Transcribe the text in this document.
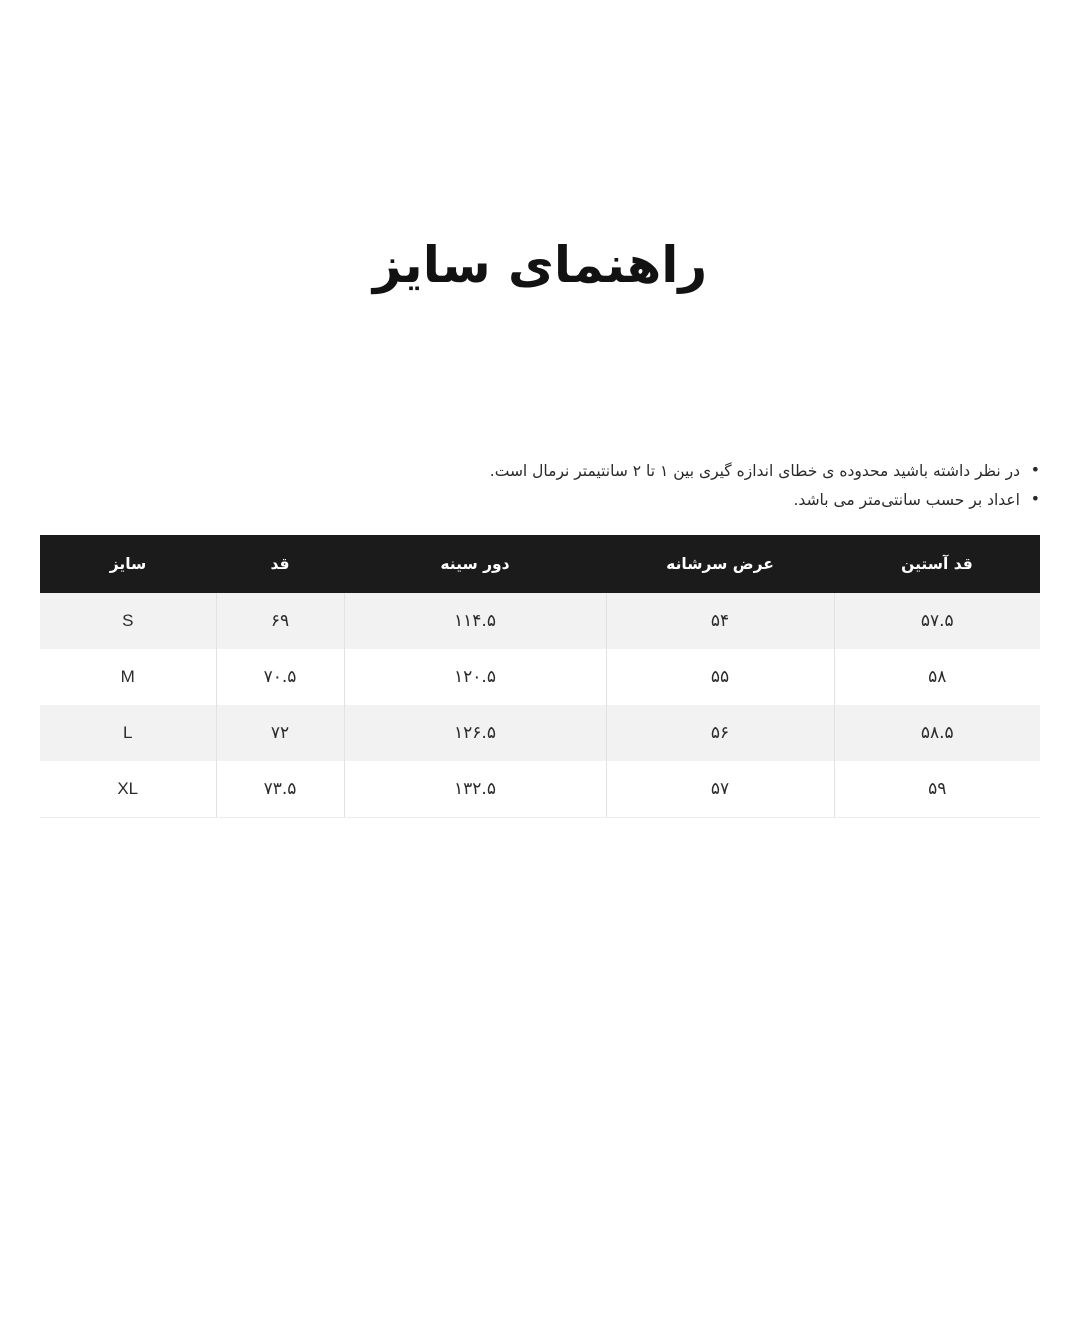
راهنمای سایز
• در نظر داشته باشید محدوده ی خطای اندازه گیری بین ۱ تا ۲ سانتیمتر نرمال است.
• اعداد بر حسب سانتی‌متر می باشد.
قد آستین	عرض سرشانه	دور سینه	قد	سایز
۵۷.۵	۵۴	۱۱۴.۵	۶۹	S
۵۸	۵۵	۱۲۰.۵	۷۰.۵	M
۵۸.۵	۵۶	۱۲۶.۵	۷۲	L
۵۹	۵۷	۱۳۲.۵	۷۳.۵	XL
